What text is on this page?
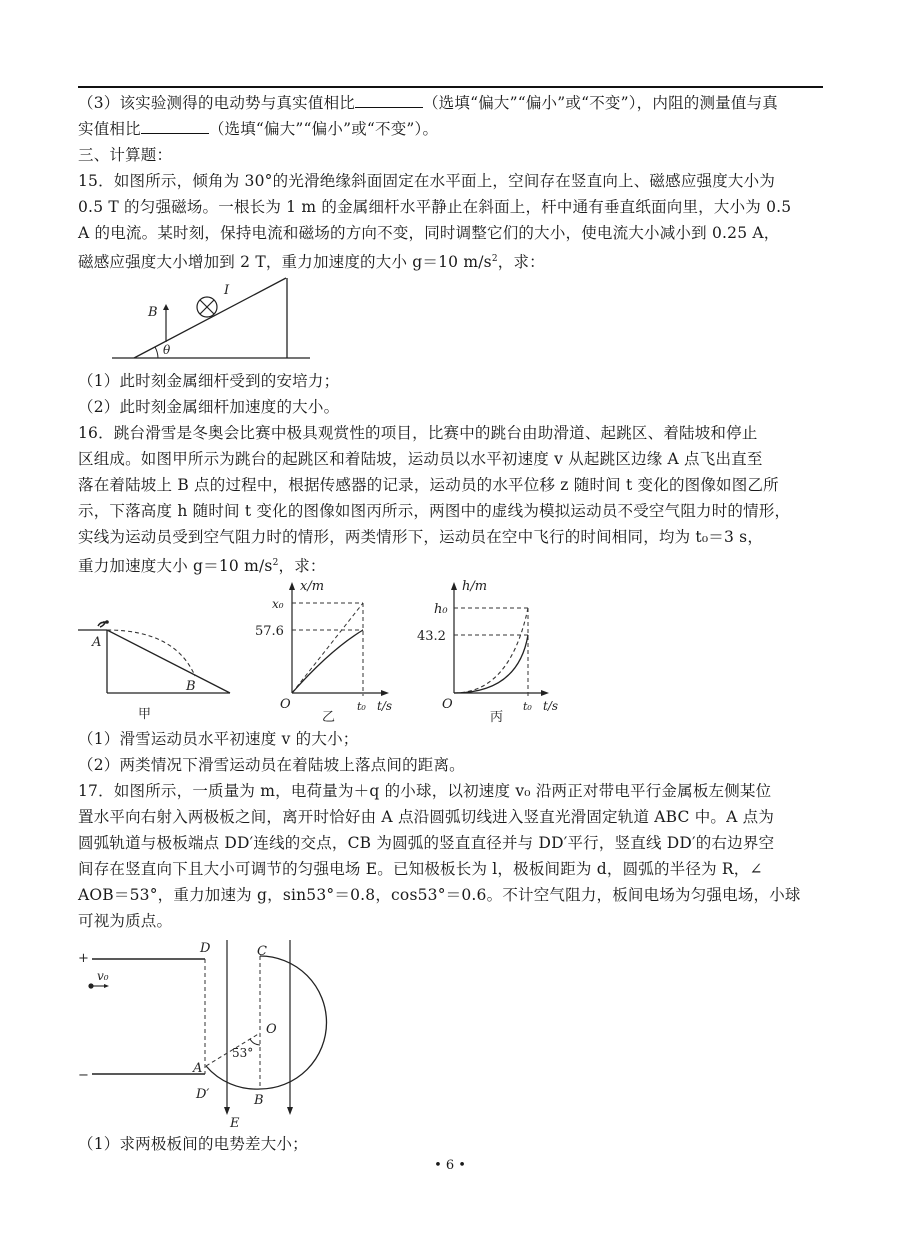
（3）该实验测得的电动势与真实值相比	（选填“偏大”“偏小”或“不变”），内阻的测量值与真
实值相比	（选填“偏大”“偏小”或“不变”）。
三、计算题：
15．如图所示，倾角为 30°的光滑绝缘斜面固定在水平面上，空间存在竖直向上、磁感应强度大小为
0.5 T 的匀强磁场。一根长为 1 m 的金属细杆水平静止在斜面上，杆中通有垂直纸面向里，大小为 0.5
A 的电流。某时刻，保持电流和磁场的方向不变，同时调整它们的大小，使电流大小减小到 0.25 A，
磁感应强度大小增加到 2 T，重力加速度的大小 g＝10 $m/s^2$，求：
B
I
θ
（1）此时刻金属细杆受到的安培力；
（2）此时刻金属细杆加速度的大小。
16．跳台滑雪是冬奥会比赛中极具观赏性的项目，比赛中的跳台由助滑道、起跳区、着陆坡和停止
区组成。如图甲所示为跳台的起跳区和着陆坡，运动员以水平初速度 v 从起跳区边缘 A 点飞出直至
落在着陆坡上 B 点的过程中，根据传感器的记录，运动员的水平位移 z 随时间 t 变化的图像如图乙所
示，下落高度 h 随时间 t 变化的图像如图丙所示，两图中的虚线为模拟运动员不受空气阻力时的情形，
实线为运动员受到空气阻力时的情形，两类情形下，运动员在空中飞行的时间相同，均为 t₀＝3 s，
重力加速度大小 g＝10 $m/s^2$，求：
A
B
甲
x/m
x₀
57.6
O	t₀ t/s
乙
h/m
h₀
43.2
O	t₀ t/s
丙
（1）滑雪运动员水平初速度 v 的大小；
（2）两类情况下滑雪运动员在着陆坡上落点间的距离。
17．如图所示，一质量为 m，电荷量为＋q 的小球，以初速度 v₀ 沿两正对带电平行金属板左侧某位
置水平向右射入两极板之间，离开时恰好由 A 点沿圆弧切线进入竖直光滑固定轨道 ABC 中。A 点为
圆弧轨道与极板端点 DD′连线的交点，CB 为圆弧的竖直直径并与 DD′平行，竖直线 DD′的右边界空
间存在竖直向下且大小可调节的匀强电场 E。已知极板长为 l，极板间距为 d，圆弧的半径为 R，∠
AOB＝53°，重力加速为 g，sin53°＝0.8，cos53°＝0.6。不计空气阻力，板间电场为匀强电场，小球
可视为质点。
+
−
D
D′
v₀
E
C
O
A
B
53°
（1）求两极板间的电势差大小；
• 6 •
